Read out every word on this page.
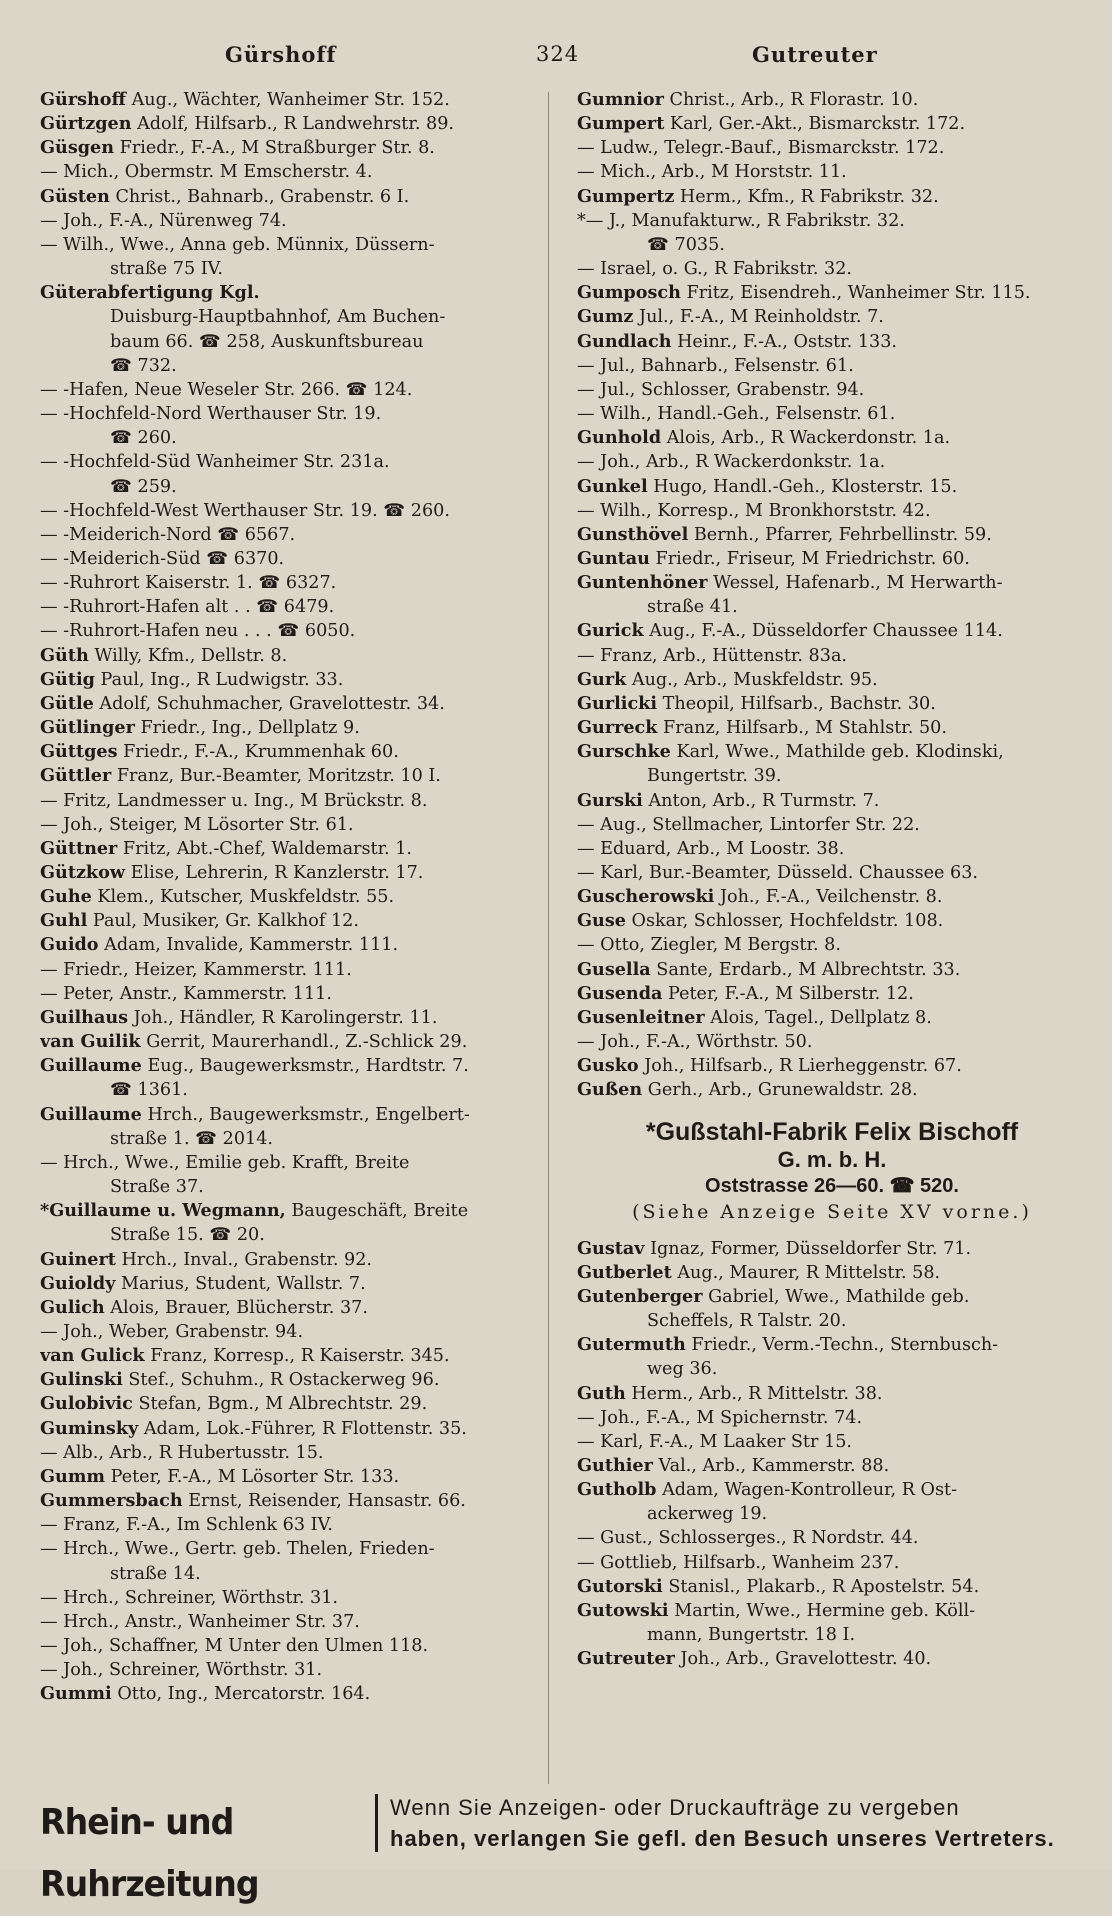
Gürshoff	324	Gutreuter
Gürshoff Aug., Wächter, Wanheimer Str. 152.
Gürtzgen Adolf, Hilfsarb., R Landwehrstr. 89.
Güsgen Friedr., F.-A., M Straßburger Str. 8.
— Mich., Obermstr. M Emscherstr. 4.
Güsten Christ., Bahnarb., Grabenstr. 6 I.
— Joh., F.-A., Nürenweg 74.
— Wilh., Wwe., Anna geb. Münnix, Düssern-
straße 75 IV.
Güterabfertigung Kgl.
Duisburg-Hauptbahnhof, Am Buchen-
baum 66. ☎ 258, Auskunftsbureau
☎ 732.
— -Hafen, Neue Weseler Str. 266. ☎ 124.
— -Hochfeld-Nord Werthauser Str. 19.
☎ 260.
— -Hochfeld-Süd Wanheimer Str. 231a.
☎ 259.
— -Hochfeld-West Werthauser Str. 19. ☎ 260.
— -Meiderich-Nord ☎ 6567.
— -Meiderich-Süd ☎ 6370.
— -Ruhrort Kaiserstr. 1. ☎ 6327.
— -Ruhrort-Hafen alt . . ☎ 6479.
— -Ruhrort-Hafen neu . . . ☎ 6050.
Güth Willy, Kfm., Dellstr. 8.
Gütig Paul, Ing., R Ludwigstr. 33.
Gütle Adolf, Schuhmacher, Gravelottestr. 34.
Gütlinger Friedr., Ing., Dellplatz 9.
Güttges Friedr., F.-A., Krummenhak 60.
Güttler Franz, Bur.-Beamter, Moritzstr. 10 I.
— Fritz, Landmesser u. Ing., M Brückstr. 8.
— Joh., Steiger, M Lösorter Str. 61.
Güttner Fritz, Abt.-Chef, Waldemarstr. 1.
Gützkow Elise, Lehrerin, R Kanzlerstr. 17.
Guhe Klem., Kutscher, Muskfeldstr. 55.
Guhl Paul, Musiker, Gr. Kalkhof 12.
Guido Adam, Invalide, Kammerstr. 111.
— Friedr., Heizer, Kammerstr. 111.
— Peter, Anstr., Kammerstr. 111.
Guilhaus Joh., Händler, R Karolingerstr. 11.
van Guilik Gerrit, Maurerhandl., Z.-Schlick 29.
Guillaume Eug., Baugewerksmstr., Hardtstr. 7.
☎ 1361.
Guillaume Hrch., Baugewerksmstr., Engelbert-
straße 1. ☎ 2014.
— Hrch., Wwe., Emilie geb. Krafft, Breite
Straße 37.
*Guillaume u. Wegmann, Baugeschäft, Breite
Straße 15. ☎ 20.
Guinert Hrch., Inval., Grabenstr. 92.
Guioldy Marius, Student, Wallstr. 7.
Gulich Alois, Brauer, Blücherstr. 37.
— Joh., Weber, Grabenstr. 94.
van Gulick Franz, Korresp., R Kaiserstr. 345.
Gulinski Stef., Schuhm., R Ostackerweg 96.
Gulobivic Stefan, Bgm., M Albrechtstr. 29.
Guminsky Adam, Lok.-Führer, R Flottenstr. 35.
— Alb., Arb., R Hubertusstr. 15.
Gumm Peter, F.-A., M Lösorter Str. 133.
Gummersbach Ernst, Reisender, Hansastr. 66.
— Franz, F.-A., Im Schlenk 63 IV.
— Hrch., Wwe., Gertr. geb. Thelen, Frieden-
straße 14.
— Hrch., Schreiner, Wörthstr. 31.
— Hrch., Anstr., Wanheimer Str. 37.
— Joh., Schaffner, M Unter den Ulmen 118.
— Joh., Schreiner, Wörthstr. 31.
Gummi Otto, Ing., Mercatorstr. 164.
Gumnior Christ., Arb., R Florastr. 10.
Gumpert Karl, Ger.-Akt., Bismarckstr. 172.
— Ludw., Telegr.-Bauf., Bismarckstr. 172.
— Mich., Arb., M Horststr. 11.
Gumpertz Herm., Kfm., R Fabrikstr. 32.
*— J., Manufakturw., R Fabrikstr. 32.
☎ 7035.
— Israel, o. G., R Fabrikstr. 32.
Gumposch Fritz, Eisendreh., Wanheimer Str. 115.
Gumz Jul., F.-A., M Reinholdstr. 7.
Gundlach Heinr., F.-A., Oststr. 133.
— Jul., Bahnarb., Felsenstr. 61.
— Jul., Schlosser, Grabenstr. 94.
— Wilh., Handl.-Geh., Felsenstr. 61.
Gunhold Alois, Arb., R Wackerdonstr. 1a.
— Joh., Arb., R Wackerdonkstr. 1a.
Gunkel Hugo, Handl.-Geh., Klosterstr. 15.
— Wilh., Korresp., M Bronkhorststr. 42.
Gunsthövel Bernh., Pfarrer, Fehrbellinstr. 59.
Guntau Friedr., Friseur, M Friedrichstr. 60.
Guntenhöner Wessel, Hafenarb., M Herwarth-
straße 41.
Gurick Aug., F.-A., Düsseldorfer Chaussee 114.
— Franz, Arb., Hüttenstr. 83a.
Gurk Aug., Arb., Muskfeldstr. 95.
Gurlicki Theopil, Hilfsarb., Bachstr. 30.
Gurreck Franz, Hilfsarb., M Stahlstr. 50.
Gurschke Karl, Wwe., Mathilde geb. Klodinski,
Bungertstr. 39.
Gurski Anton, Arb., R Turmstr. 7.
— Aug., Stellmacher, Lintorfer Str. 22.
— Eduard, Arb., M Loostr. 38.
— Karl, Bur.-Beamter, Düsseld. Chaussee 63.
Guscherowski Joh., F.-A., Veilchenstr. 8.
Guse Oskar, Schlosser, Hochfeldstr. 108.
— Otto, Ziegler, M Bergstr. 8.
Gusella Sante, Erdarb., M Albrechtstr. 33.
Gusenda Peter, F.-A., M Silberstr. 12.
Gusenleitner Alois, Tagel., Dellplatz 8.
— Joh., F.-A., Wörthstr. 50.
Gusko Joh., Hilfsarb., R Lierheggenstr. 67.
Gußen Gerh., Arb., Grunewaldstr. 28.
*Gußstahl-Fabrik Felix Bischoff
G. m. b. H.
Oststrasse 26—60. ☎ 520.
(Siehe Anzeige Seite XV vorne.)
Gustav Ignaz, Former, Düsseldorfer Str. 71.
Gutberlet Aug., Maurer, R Mittelstr. 58.
Gutenberger Gabriel, Wwe., Mathilde geb.
Scheffels, R Talstr. 20.
Gutermuth Friedr., Verm.-Techn., Sternbusch-
weg 36.
Guth Herm., Arb., R Mittelstr. 38.
— Joh., F.-A., M Spichernstr. 74.
— Karl, F.-A., M Laaker Str 15.
Guthier Val., Arb., Kammerstr. 88.
Gutholb Adam, Wagen-Kontrolleur, R Ost-
ackerweg 19.
— Gust., Schlosserges., R Nordstr. 44.
— Gottlieb, Hilfsarb., Wanheim 237.
Gutorski Stanisl., Plakarb., R Apostelstr. 54.
Gutowski Martin, Wwe., Hermine geb. Köll-
mann, Bungertstr. 18 I.
Gutreuter Joh., Arb., Gravelottestr. 40.
Rhein- und Ruhrzeitung
Wenn Sie Anzeigen- oder Druckaufträge zu vergeben
haben, verlangen Sie gefl. den Besuch unseres Vertreters.
